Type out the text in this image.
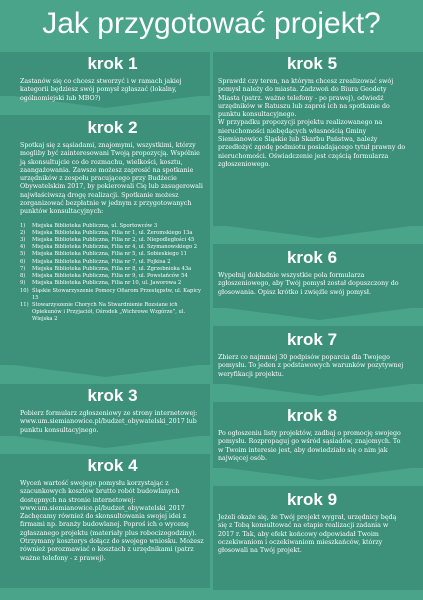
Jak przygotować projekt?
krok 1
Zastanów się co chcesz stworzyć i w ramach jakiej kategorii będziesz swój pomysł zgłaszać (lokalny, ogólnomiejski lub MBO?)
krok 2
Spotkaj się z sąsiadami, znajomymi, wszystkimi, którzy mogliby być zainteresowani Twoją propozycją. Wspólnie ją skonsultujcie co do rozmachu, wielkości, kosztu, zaangażowania. Zawsze możesz zaprosić na spotkanie urzędników z zespołu pracującego przy Budżecie Obywatelskim 2017, by pokierowali Cię lub zasugerowali najwłaściwszą drogę realizacji. Spotkanie możesz zorganizować bezpłatnie w jednym z przygotowanych punktów konsultacyjnych:
1)	Miejska Biblioteka Publiczna, ul. Sportowców 3
2)	Miejska Biblioteka Publiczna, Filia nr 1, ul. Żeromskiego 13a
3)	Miejska Biblioteka Publiczna, Filia nr 2, ul. Niepodległości 45
4)	Miejska Biblioteka Publiczna, Filia nr 4, ul. Szymanowskiego 2
5)	Miejska Biblioteka Publiczna, Filia nr 5, ul. Sobieskiego 11
6)	Miejska Biblioteka Publiczna, Filia nr 7, ul. Fojkisa 2
7)	Miejska Biblioteka Publiczna, Filia nr 8, ul. Zgrzebnioka 43a
8)	Miejska Biblioteka Publiczna, Filia nr 9, ul. Powstańców 54
9)	Miejska Biblioteka Publiczna, Filia nr 10, ul. Jaworowa 2
10) Śląskie Stowarzyszenie Pomocy Ofiarom Przestępstw, ul. Kapicy 15
11) Stowarzyszenie Chorych Na Stwardnienie Rozsiane ich Opiekunów i Przyjaciół, Ośrodek „Wichrowe Wzgórze”, ul. Wiejska 2
krok 3
Pobierz formularz zgłoszeniowy ze strony internetowej: www.um.siemianowice.pl/budzet_obywatelski_2017 lub punktu konsultacyjnego.
krok 4
Wyceń wartość swojego pomysłu korzystając z szacunkowych kosztów brutto robót budowlanych dostępnych na stronie internetowej: www.um.siemianowice.pl/budzet_obywatelski_2017 Zachęcamy również do skonsultowania swojej idei z firmami np. branży budowlanej. Poproś ich o wycenę zgłaszanego projektu (materiały plus robocizogodziny). Otrzymany kosztorys dołącz do swojego wniosku. Możesz również porozmawiać o kosztach z urzędnikami (patrz ważne telefony - z prawej).
krok 5

Sprawdź czy teren, na którym chcesz zrealizować swój pomysł należy do miasta. Zadzwoń do Biura Geodety Miasta (patrz. ważne telefony - po prawej), odwiedź urzędników w Ratuszu lub zaproś ich na spotkanie do punktu konsultacyjnego.

W przypadku propozycji projektu realizowanego na nieruchomości niebędących własnością Gminy Siemianowice Śląskie lub Skarbu Państwa, należy przedłożyć zgodę podmiotu posiadającego tytuł prawny do nieruchomości. Oświadczenie jest częścią formularza zgłoszeniowego.

krok 6
Wypełnij dokładnie wszystkie pola formularza zgłoszeniowego, aby Twój pomysł został dopuszczony do głosowania. Opisz krótko i zwięźle swój pomysł.
krok 7
Zbierz co najmniej 30 podpisów poparcia dla Twojego pomysłu. To jeden z podstawowych warunków pozytywnej weryfikacji projektu.
krok 8
Po ogłoszeniu listy projektów, zadbaj o promocję swojego pomysłu. Rozpropaguj go wśród sąsiadów, znajomych. To w Twoim interesie jest, aby dowiedziało się o nim jak najwięcej osób.
krok 9
Jeżeli okaże się, że Twój projekt wygrał, urzędnicy będą się z Tobą konsultować na etapie realizacji zadania w 2017 r. Tak, aby efekt końcowy odpowiadał Twoim oczekiwaniom i oczekiwaniom mieszkańców, którzy głosowali na Twój projekt.
